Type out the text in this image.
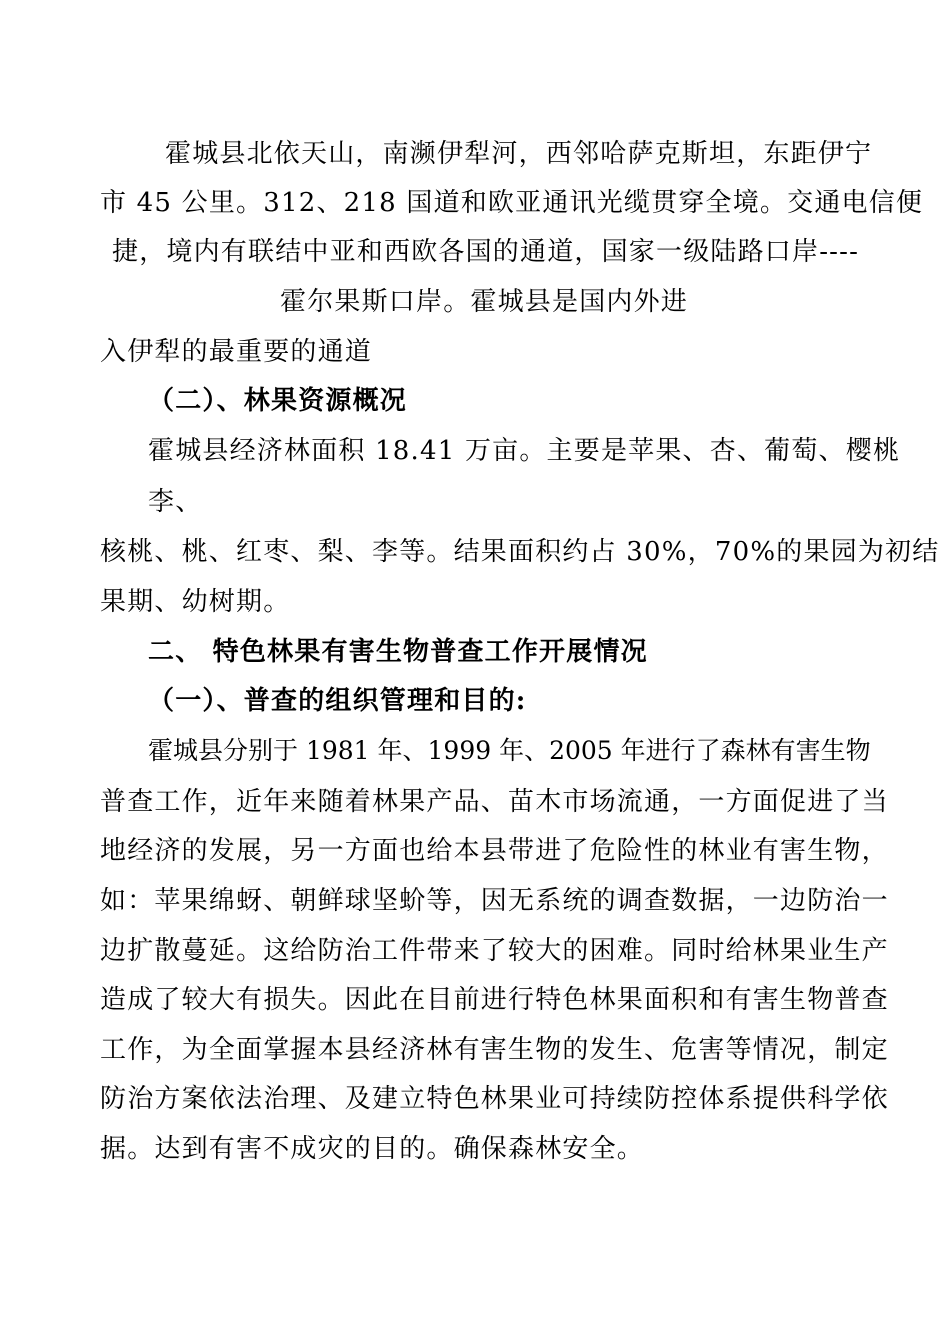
霍城县北依天山，南濒伊犁河，西邻哈萨克斯坦，东距伊宁
市 45 公里。312、218 国道和欧亚通讯光缆贯穿全境。交通电信便
捷，境内有联结中亚和西欧各国的通道，国家一级陆路口岸----
霍尔果斯口岸。霍城县是国内外进
入伊犁的最重要的通道
（二）、林果资源概况
霍城县经济林面积 18.41 万亩。主要是苹果、杏、葡萄、樱桃
李、
核桃、桃、红枣、梨、李等。结果面积约占 30%，70%的果园为初结
果期、幼树期。
二、 特色林果有害生物普查工作开展情况
（一）、普查的组织管理和目的:
霍城县分别于 1981 年、1999 年、2005 年进行了森林有害生物
普查工作，近年来随着林果产品、苗木市场流通，一方面促进了当
地经济的发展，另一方面也给本县带进了危险性的林业有害生物，
如：苹果绵蚜、朝鲜球坚蚧等，因无系统的调查数据，一边防治一
边扩散蔓延。这给防治工件带来了较大的困难。同时给林果业生产
造成了较大有损失。因此在目前进行特色林果面积和有害生物普查
工作，为全面掌握本县经济林有害生物的发生、危害等情况，制定
防治方案依法治理、及建立特色林果业可持续防控体系提供科学依
据。达到有害不成灾的目的。确保森林安全。
